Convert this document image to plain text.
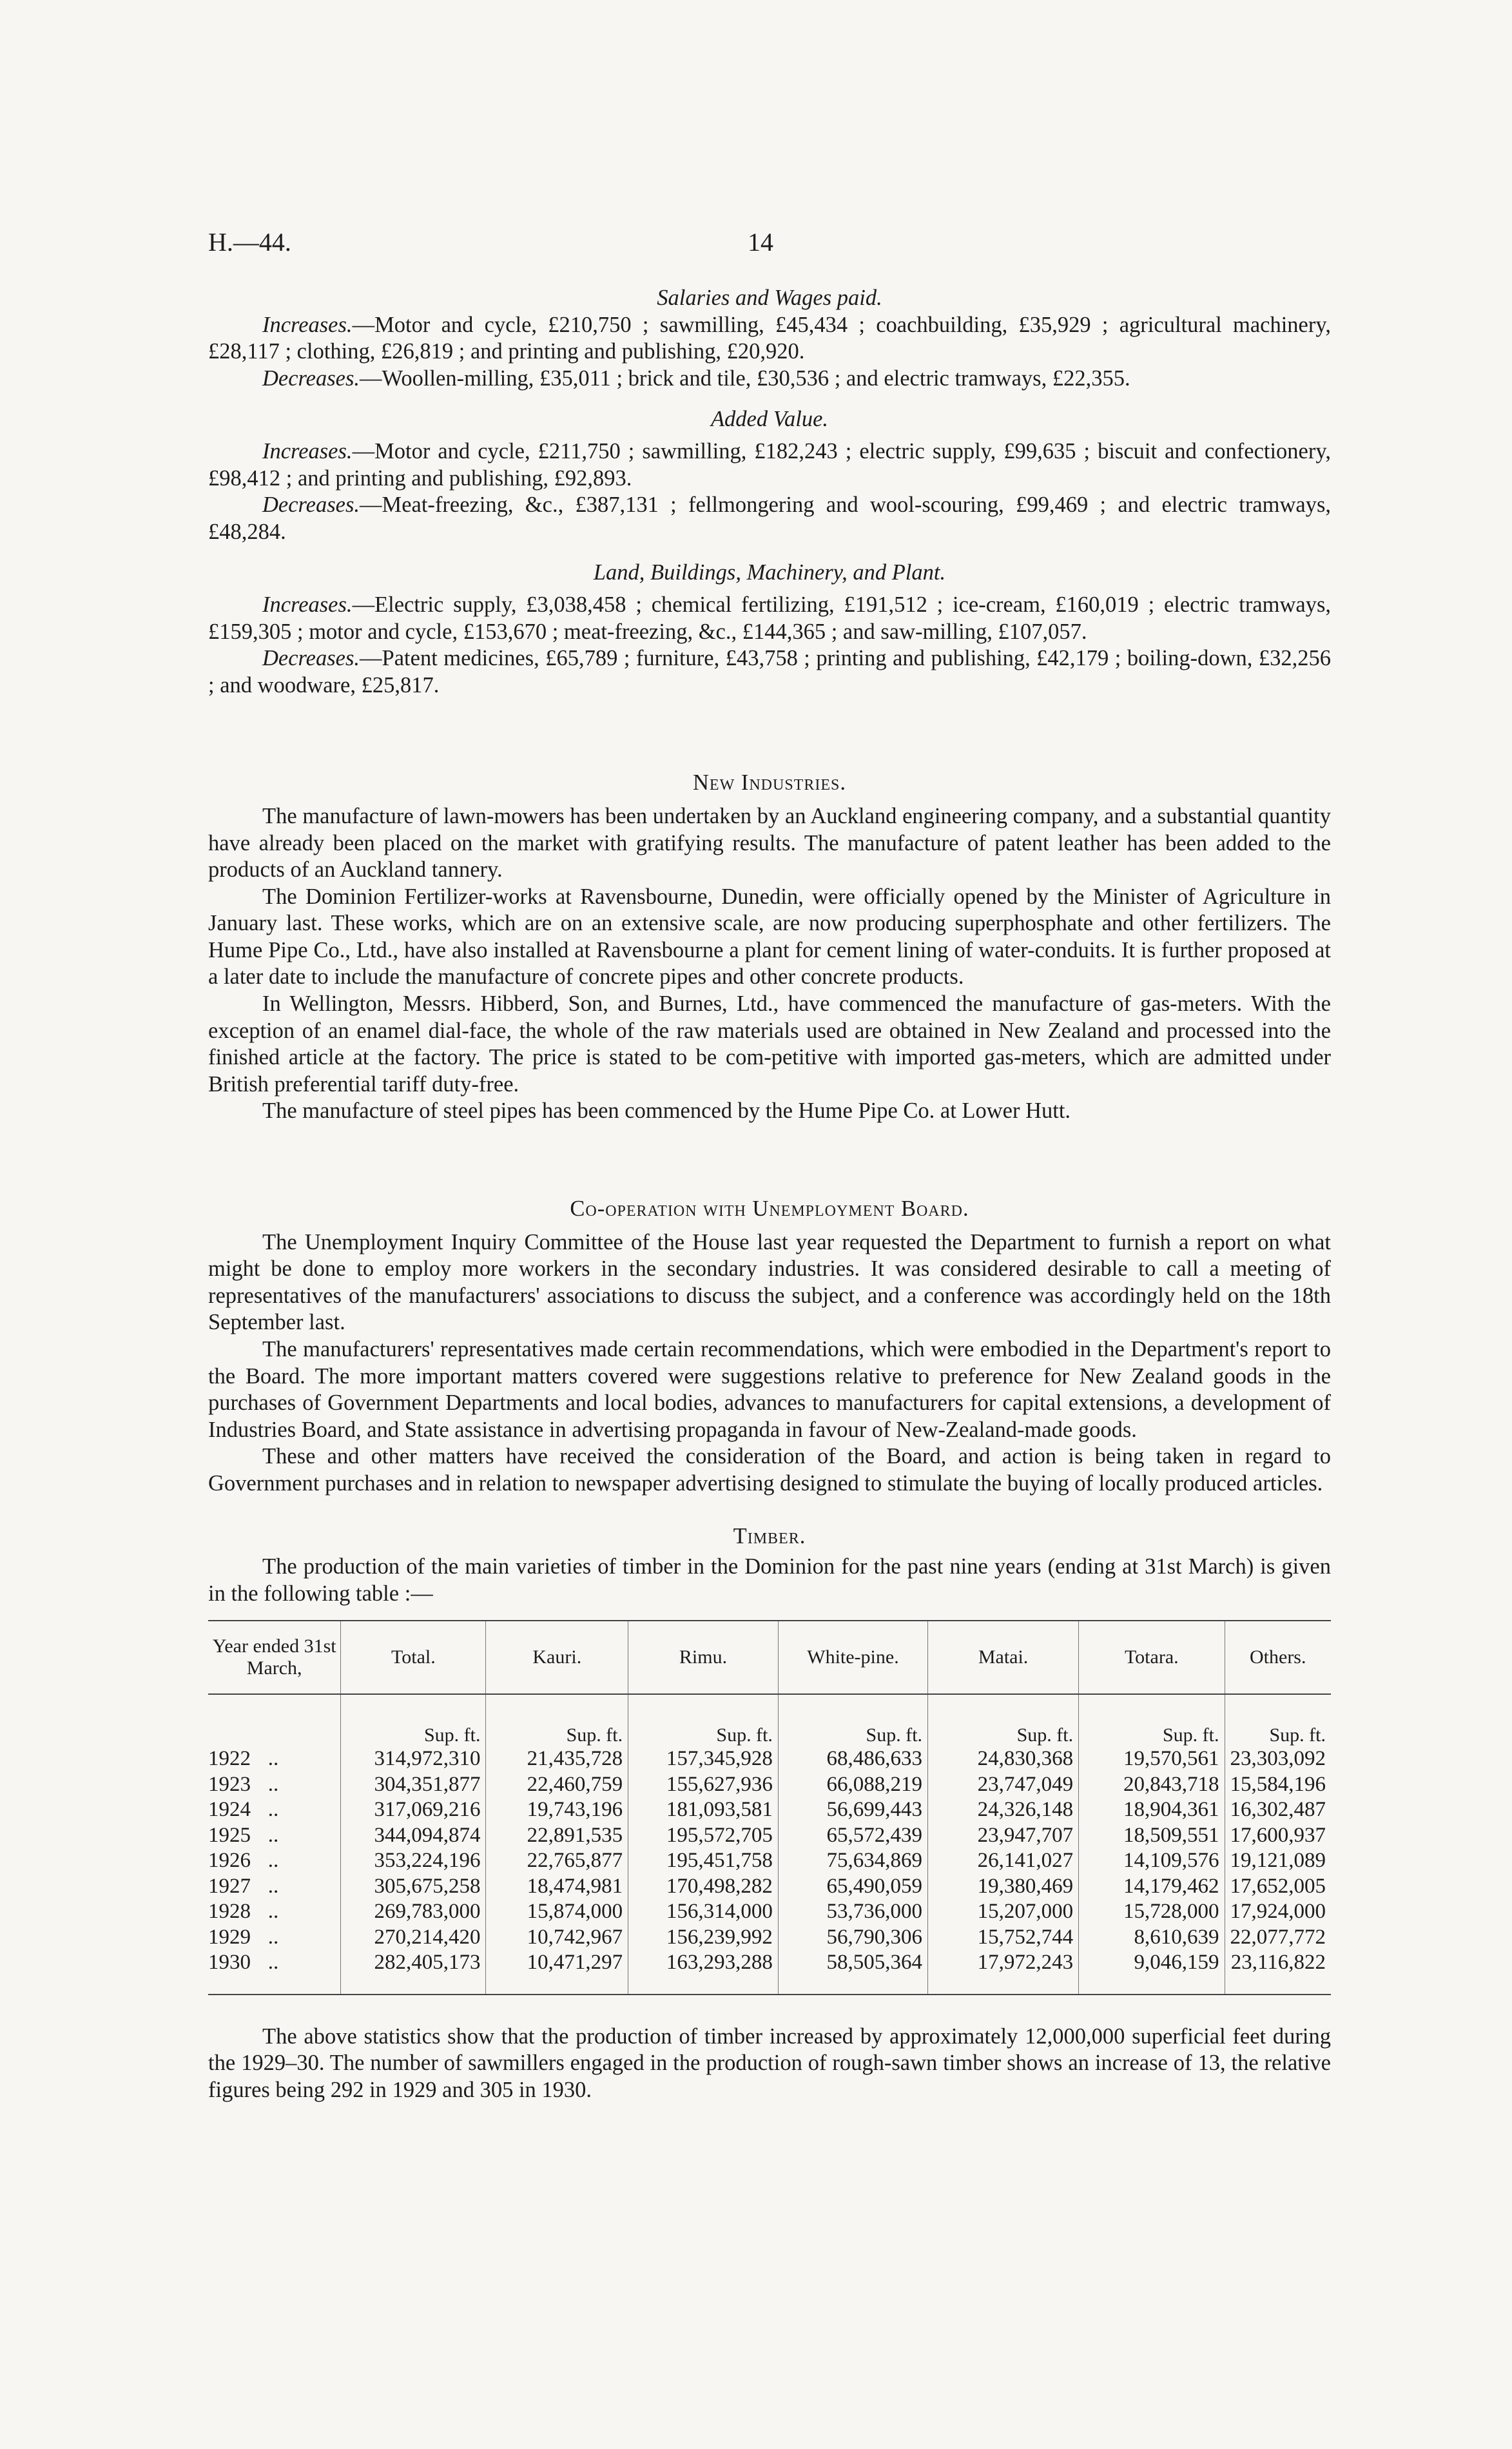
H.—44.	14
Salaries and Wages paid.

Increases.—Motor and cycle, £210,750 ; sawmilling, £45,434 ; coachbuilding, £35,929 ; agricultural machinery, £28,117 ; clothing, £26,819 ; and printing and publishing, £20,920.

Decreases.—Woollen-milling, £35,011 ; brick and tile, £30,536 ; and electric tramways, £22,355.

Added Value.

Increases.—Motor and cycle, £211,750 ; sawmilling, £182,243 ; electric supply, £99,635 ; biscuit and confectionery, £98,412 ; and printing and publishing, £92,893.

Decreases.—Meat-freezing, &c., £387,131 ; fellmongering and wool-scouring, £99,469 ; and electric tramways, £48,284.

Land, Buildings, Machinery, and Plant.

Increases.—Electric supply, £3,038,458 ; chemical fertilizing, £191,512 ; ice-cream, £160,019 ; electric tramways, £159,305 ; motor and cycle, £153,670 ; meat-freezing, &c., £144,365 ; and saw-milling, £107,057.

Decreases.—Patent medicines, £65,789 ; furniture, £43,758 ; printing and publishing, £42,179 ; boiling-down, £32,256 ; and woodware, £25,817.

New Industries.

The manufacture of lawn-mowers has been undertaken by an Auckland engineering company, and a substantial quantity have already been placed on the market with gratifying results. The manufacture of patent leather has been added to the products of an Auckland tannery.

The Dominion Fertilizer-works at Ravensbourne, Dunedin, were officially opened by the Minister of Agriculture in January last. These works, which are on an extensive scale, are now producing superphosphate and other fertilizers. The Hume Pipe Co., Ltd., have also installed at Ravensbourne a plant for cement lining of water-conduits. It is further proposed at a later date to include the manufacture of concrete pipes and other concrete products.

In Wellington, Messrs. Hibberd, Son, and Burnes, Ltd., have commenced the manufacture of gas-meters. With the exception of an enamel dial-face, the whole of the raw materials used are obtained in New Zealand and processed into the finished article at the factory. The price is stated to be com-petitive with imported gas-meters, which are admitted under British preferential tariff duty-free.

The manufacture of steel pipes has been commenced by the Hume Pipe Co. at Lower Hutt.

Co-operation with Unemployment Board.

The Unemployment Inquiry Committee of the House last year requested the Department to furnish a report on what might be done to employ more workers in the secondary industries. It was considered desirable to call a meeting of representatives of the manufacturers' associations to discuss the subject, and a conference was accordingly held on the 18th September last.

The manufacturers' representatives made certain recommendations, which were embodied in the Department's report to the Board. The more important matters covered were suggestions relative to preference for New Zealand goods in the purchases of Government Departments and local bodies, advances to manufacturers for capital extensions, a development of Industries Board, and State assistance in advertising propaganda in favour of New-Zealand-made goods.

These and other matters have received the consideration of the Board, and action is being taken in regard to Government purchases and in relation to newspaper advertising designed to stimulate the buying of locally produced articles.

Timber.

The production of the main varieties of timber in the Dominion for the past nine years (ending at 31st March) is given in the following table :—

Year ended 31st March,	Total.	Kauri.	Rimu.	White-pine.	Matai.	Totara.	Others.
	Sup. ft.	Sup. ft.	Sup. ft.	Sup. ft.	Sup. ft.	Sup. ft.	Sup. ft.
1922 ..	314,972,310	21,435,728	157,345,928	68,486,633	24,830,368	19,570,561	23,303,092
1923 ..	304,351,877	22,460,759	155,627,936	66,088,219	23,747,049	20,843,718	15,584,196
1924 ..	317,069,216	19,743,196	181,093,581	56,699,443	24,326,148	18,904,361	16,302,487
1925 ..	344,094,874	22,891,535	195,572,705	65,572,439	23,947,707	18,509,551	17,600,937
1926 ..	353,224,196	22,765,877	195,451,758	75,634,869	26,141,027	14,109,576	19,121,089
1927 ..	305,675,258	18,474,981	170,498,282	65,490,059	19,380,469	14,179,462	17,652,005
1928 ..	269,783,000	15,874,000	156,314,000	53,736,000	15,207,000	15,728,000	17,924,000
1929 ..	270,214,420	10,742,967	156,239,992	56,790,306	15,752,744	8,610,639	22,077,772
1930 ..	282,405,173	10,471,297	163,293,288	58,505,364	17,972,243	9,046,159	23,116,822

The above statistics show that the production of timber increased by approximately 12,000,000 superficial feet during the 1929–30. The number of sawmillers engaged in the production of rough-sawn timber shows an increase of 13, the relative figures being 292 in 1929 and 305 in 1930.
